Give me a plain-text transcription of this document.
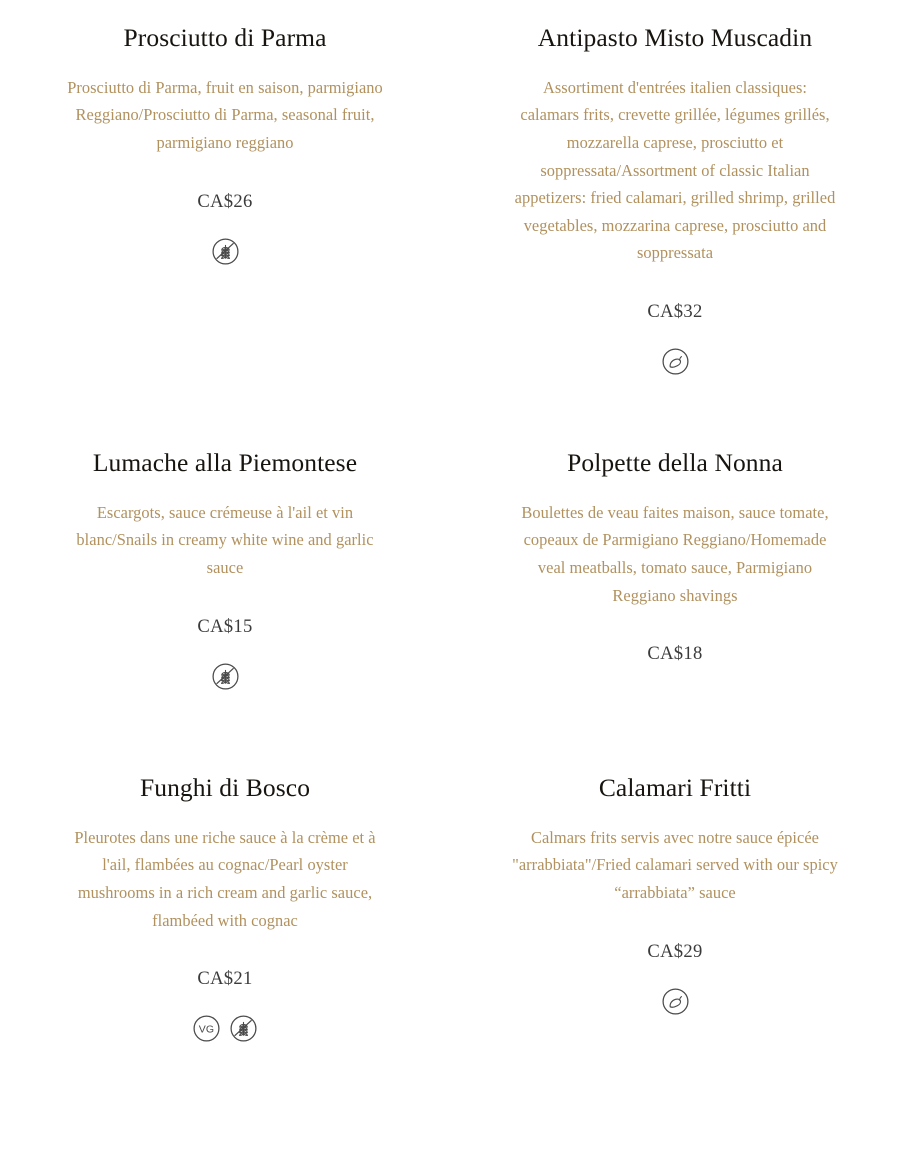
Prosciutto di Parma

Prosciutto di Parma, fruit en saison, parmigiano Reggiano/Prosciutto di Parma, seasonal fruit, parmigiano reggiano

CA$26
Antipasto Misto Muscadin

Assortiment d'entrées italien classiques: calamars frits, crevette grillée, légumes grillés, mozzarella caprese, prosciutto et soppressata/Assortment of classic Italian appetizers: fried calamari, grilled shrimp, grilled vegetables, mozzarina caprese, prosciutto and soppressata

CA$32
Lumache alla Piemontese

Escargots, sauce crémeuse à l'ail et vin blanc/Snails in creamy white wine and garlic sauce

CA$15
Polpette della Nonna

Boulettes de veau faites maison, sauce tomate, copeaux de Parmigiano Reggiano/Homemade veal meatballs, tomato sauce, Parmigiano Reggiano shavings

CA$18
Funghi di Bosco

Pleurotes dans une riche sauce à la crème et à l'ail, flambées au cognac/Pearl oyster mushrooms in a rich cream and garlic sauce, flambéed with cognac

CA$21
VG
Calamari Fritti

Calmars frits servis avec notre sauce épicée "arrabbiata"/Fried calamari served with our spicy “arrabbiata” sauce

CA$29
